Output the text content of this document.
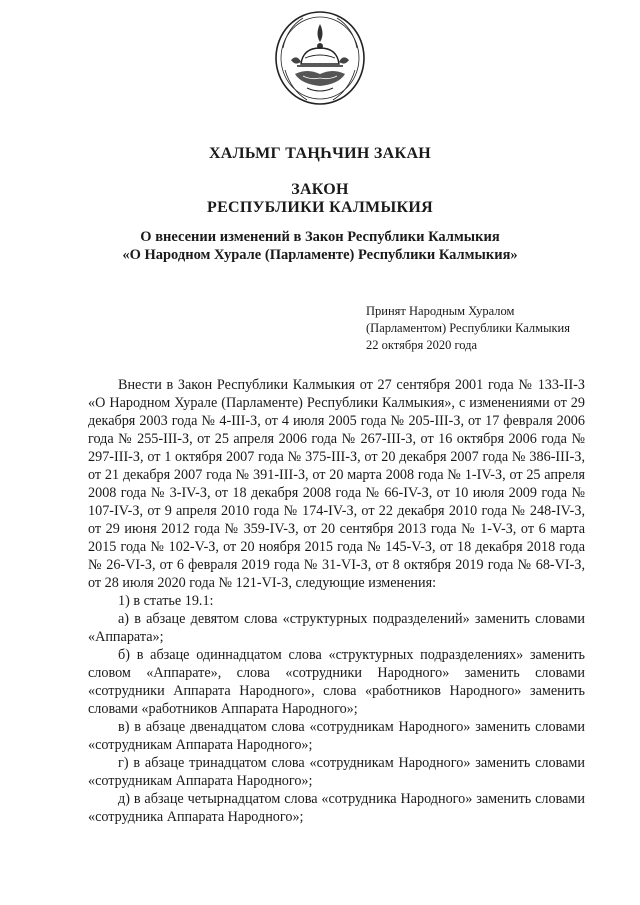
ХАЛЬМГ ТАҢҺЧИН ЗАКАН
ЗАКОН
РЕСПУБЛИКИ КАЛМЫКИЯ
О внесении изменений в Закон Республики Калмыкия
«О Народном Хурале (Парламенте) Республики Калмыкия»
Принят Народным Хуралом
(Парламентом) Республики Калмыкия
22 октября 2020 года

Внести в Закон Республики Калмыкия от 27 сентября 2001 года № 133-II-З «О Народном Хурале (Парламенте) Республики Калмыкия», с изменениями от 29 декабря 2003 года № 4-III-З, от 4 июля 2005 года № 205-III-З, от 17 февраля 2006 года № 255-III-З, от 25 апреля 2006 года № 267-III-З, от 16 октября 2006 года № 297-III-З, от 1 октября 2007 года № 375-III-З, от 20 декабря 2007 года № 386-III-З, от 21 декабря 2007 года № 391-III-З, от 20 марта 2008 года № 1-IV-З, от 25 апреля 2008 года № 3-IV-З, от 18 декабря 2008 года № 66-IV-З, от 10 июля 2009 года № 107-IV-З, от 9 апреля 2010 года № 174-IV-З, от 22 декабря 2010 года № 248-IV-З, от 29 июня 2012 года № 359-IV-З, от 20 сентября 2013 года № 1-V-З, от 6 марта 2015 года № 102-V-З, от 20 ноября 2015 года № 145-V-З, от 18 декабря 2018 года № 26-VI-З, от 6 февраля 2019 года № 31-VI-З, от 8 октября 2019 года № 68-VI-З, от 28 июля 2020 года № 121-VI-З, следующие изменения:

1) в статье 19.1:

а) в абзаце девятом слова «структурных подразделений» заменить словами «Аппарата»;

б) в абзаце одиннадцатом слова «структурных подразделениях» заменить словом «Аппарате», слова «сотрудники Народного» заменить словами «сотрудники Аппарата Народного», слова «работников Народного» заменить словами «работников Аппарата Народного»;

в) в абзаце двенадцатом слова «сотрудникам Народного» заменить словами «сотрудникам Аппарата Народного»;

г) в абзаце тринадцатом слова «сотрудникам Народного» заменить словами «сотрудникам Аппарата Народного»;

д) в абзаце четырнадцатом слова «сотрудника Народного» заменить словами «сотрудника Аппарата Народного»;
